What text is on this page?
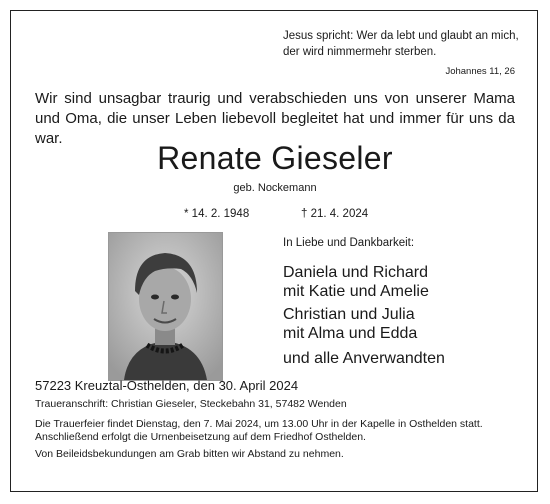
Jesus spricht: Wer da lebt und glaubt an mich,
der wird nimmermehr sterben.
Johannes 11, 26
Wir sind unsagbar traurig und verabschieden uns von unserer Mama und Oma, die unser Leben liebevoll begleitet hat und immer für uns da war.
Renate Gieseler
geb. Nockemann
* 14. 2. 1948	† 21. 4. 2024
In Liebe und Dankbarkeit:
Daniela und Richard
mit Katie und Amelie
Christian und Julia
mit Alma und Edda
und alle Anverwandten
57223 Kreuztal-Osthelden, den 30. April 2024
Traueranschrift: Christian Gieseler, Steckebahn 31, 57482 Wenden
Die Trauerfeier findet Dienstag, den 7. Mai 2024, um 13.00 Uhr in der Kapelle in Osthelden statt.
Anschließend erfolgt die Urnenbeisetzung auf dem Friedhof Osthelden.
Von Beileidsbekundungen am Grab bitten wir Abstand zu nehmen.
